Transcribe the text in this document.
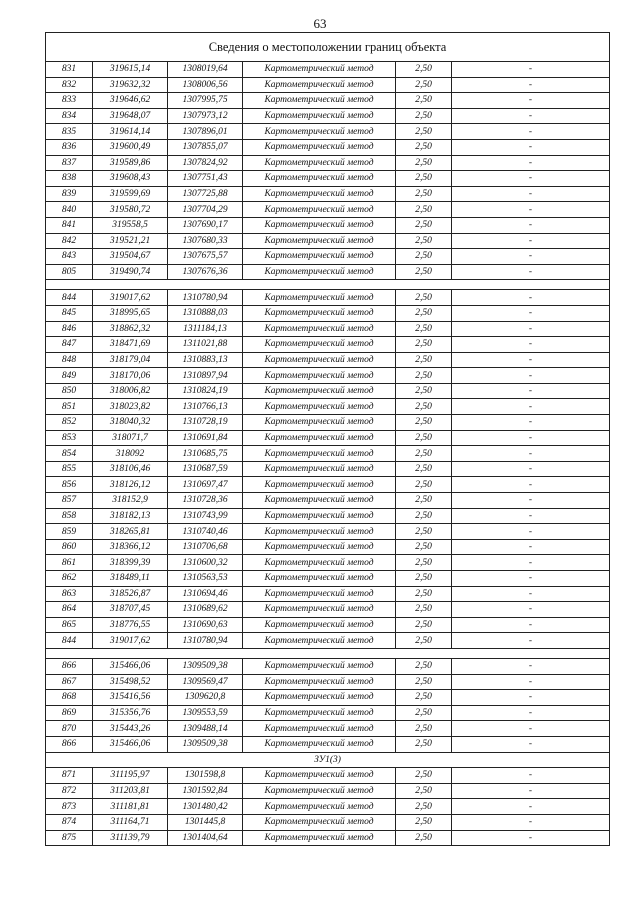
63
Сведения о местоположении границ объекта					
831	319615,14	1308019,64	Картометрический метод	2,50	-
832	319632,32	1308006,56	Картометрический метод	2,50	-
833	319646,62	1307995,75	Картометрический метод	2,50	-
834	319648,07	1307973,12	Картометрический метод	2,50	-
835	319614,14	1307896,01	Картометрический метод	2,50	-
836	319600,49	1307855,07	Картометрический метод	2,50	-
837	319589,86	1307824,92	Картометрический метод	2,50	-
838	319608,43	1307751,43	Картометрический метод	2,50	-
839	319599,69	1307725,88	Картометрический метод	2,50	-
840	319580,72	1307704,29	Картометрический метод	2,50	-
841	319558,5	1307690,17	Картометрический метод	2,50	-
842	319521,21	1307680,33	Картометрический метод	2,50	-
843	319504,67	1307675,57	Картометрический метод	2,50	-
805	319490,74	1307676,36	Картометрический метод	2,50	-

844	319017,62	1310780,94	Картометрический метод	2,50	-
845	318995,65	1310888,03	Картометрический метод	2,50	-
846	318862,32	1311184,13	Картометрический метод	2,50	-
847	318471,69	1311021,88	Картометрический метод	2,50	-
848	318179,04	1310883,13	Картометрический метод	2,50	-
849	318170,06	1310897,94	Картометрический метод	2,50	-
850	318006,82	1310824,19	Картометрический метод	2,50	-
851	318023,82	1310766,13	Картометрический метод	2,50	-
852	318040,32	1310728,19	Картометрический метод	2,50	-
853	318071,7	1310691,84	Картометрический метод	2,50	-
854	318092	1310685,75	Картометрический метод	2,50	-
855	318106,46	1310687,59	Картометрический метод	2,50	-
856	318126,12	1310697,47	Картометрический метод	2,50	-
857	318152,9	1310728,36	Картометрический метод	2,50	-
858	318182,13	1310743,99	Картометрический метод	2,50	-
859	318265,81	1310740,46	Картометрический метод	2,50	-
860	318366,12	1310706,68	Картометрический метод	2,50	-
861	318399,39	1310600,32	Картометрический метод	2,50	-
862	318489,11	1310563,53	Картометрический метод	2,50	-
863	318526,87	1310694,46	Картометрический метод	2,50	-
864	318707,45	1310689,62	Картометрический метод	2,50	-
865	318776,55	1310690,63	Картометрический метод	2,50	-
844	319017,62	1310780,94	Картометрический метод	2,50	-

866	315466,06	1309509,38	Картометрический метод	2,50	-
867	315498,52	1309569,47	Картометрический метод	2,50	-
868	315416,56	1309620,8	Картометрический метод	2,50	-
869	315356,76	1309553,59	Картометрический метод	2,50	-
870	315443,26	1309488,14	Картометрический метод	2,50	-
866	315466,06	1309509,38	Картометрический метод	2,50	-
ЗУ1(3)					
871	311195,97	1301598,8	Картометрический метод	2,50	-
872	311203,81	1301592,84	Картометрический метод	2,50	-
873	311181,81	1301480,42	Картометрический метод	2,50	-
874	311164,71	1301445,8	Картометрический метод	2,50	-
875	311139,79	1301404,64	Картометрический метод	2,50	-
